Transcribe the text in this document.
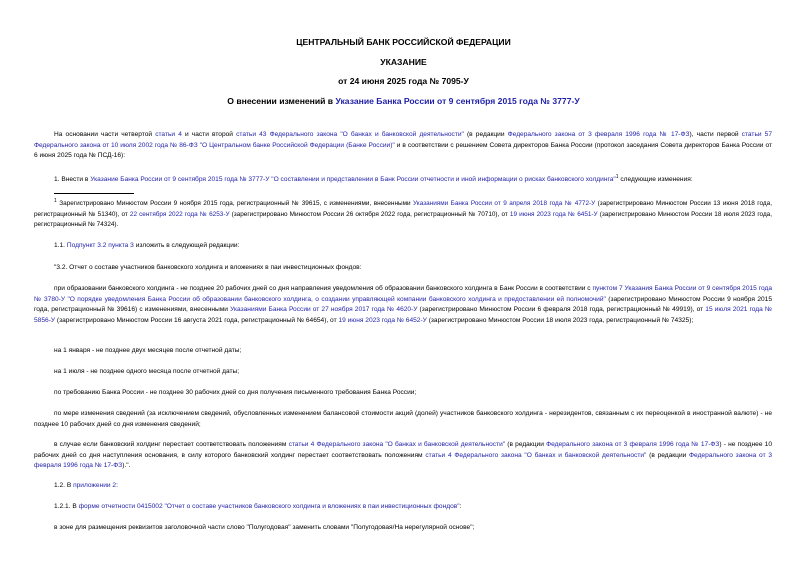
ЦЕНТРАЛЬНЫЙ БАНК РОССИЙСКОЙ ФЕДЕРАЦИИ
УКАЗАНИЕ
от 24 июня 2025 года № 7095-У
О внесении изменений в Указание Банка России от 9 сентября 2015 года № 3777-У
На основании части четвертой статьи 4 и части второй статьи 43 Федерального закона "О банках и банковской деятельности" (в редакции Федерального закона от 3 февраля 1996 года № 17-ФЗ), части первой статьи 57 Федерального закона от 10 июля 2002 года № 86-ФЗ "О Центральном банке Российской Федерации (Банке России)" и в соответствии с решением Совета директоров Банка России (протокол заседания Совета директоров Банка России от 6 июня 2025 года № ПСД-16):
1. Внести в Указание Банка России от 9 сентября 2015 года № 3777-У "О составлении и представлении в Банк России отчетности и иной информации о рисках банковского холдинга"$^1$ следующие изменения:
$^1$ Зарегистрировано Минюстом России 9 ноября 2015 года, регистрационный № 39615, с изменениями, внесенными Указаниями Банка России от 9 апреля 2018 года № 4772-У (зарегистрировано Минюстом России 13 июня 2018 года, регистрационный № 51340), от 22 сентября 2022 года № 6253-У (зарегистрировано Минюстом России 26 октября 2022 года, регистрационный № 70710), от 19 июня 2023 года № 6451-У (зарегистрировано Минюстом России 18 июля 2023 года, регистрационный № 74324).
1.1. Подпункт 3.2 пункта 3 изложить в следующей редакции:
"3.2. Отчет о составе участников банковского холдинга и вложениях в паи инвестиционных фондов:
при образовании банковского холдинга - не позднее 20 рабочих дней со дня направления уведомления об образовании банковского холдинга в Банк России в соответствии с пунктом 7 Указания Банка России от 9 сентября 2015 года № 3780-У "О порядке уведомления Банка России об образовании банковского холдинга, о создании управляющей компании банковского холдинга и предоставлении ей полномочий" (зарегистрировано Минюстом России 9 ноября 2015 года, регистрационный № 39616) с изменениями, внесенными Указаниями Банка России от 27 ноября 2017 года № 4620-У (зарегистрировано Минюстом России 6 февраля 2018 года, регистрационный № 49919), от 15 июля 2021 года № 5856-У (зарегистрировано Минюстом России 16 августа 2021 года, регистрационный № 64654), от 19 июня 2023 года № 6452-У (зарегистрировано Минюстом России 18 июля 2023 года, регистрационный № 74325);
на 1 января - не позднее двух месяцев после отчетной даты;
на 1 июля - не позднее одного месяца после отчетной даты;
по требованию Банка России - не позднее 30 рабочих дней со дня получения письменного требования Банка России;
по мере изменения сведений (за исключением сведений, обусловленных изменением балансовой стоимости акций (долей) участников банковского холдинга - нерезидентов, связанным с их переоценкой в иностранной валюте) - не позднее 10 рабочих дней со дня изменения сведений;
в случае если банковский холдинг перестает соответствовать положениям статьи 4 Федерального закона "О банках и банковской деятельности" (в редакции Федерального закона от 3 февраля 1996 года № 17-ФЗ) - не позднее 10 рабочих дней со дня наступления основания, в силу которого банковский холдинг перестает соответствовать положениям статьи 4 Федерального закона "О банках и банковской деятельности" (в редакции Федерального закона от 3 февраля 1996 года № 17-ФЗ).".
1.2. В приложении 2:
1.2.1. В форме отчетности 0415002 "Отчет о составе участников банковского холдинга и вложениях в паи инвестиционных фондов":
в зоне для размещения реквизитов заголовочной части слово "Полугодовая" заменить словами "Полугодовая/На нерегулярной основе";
